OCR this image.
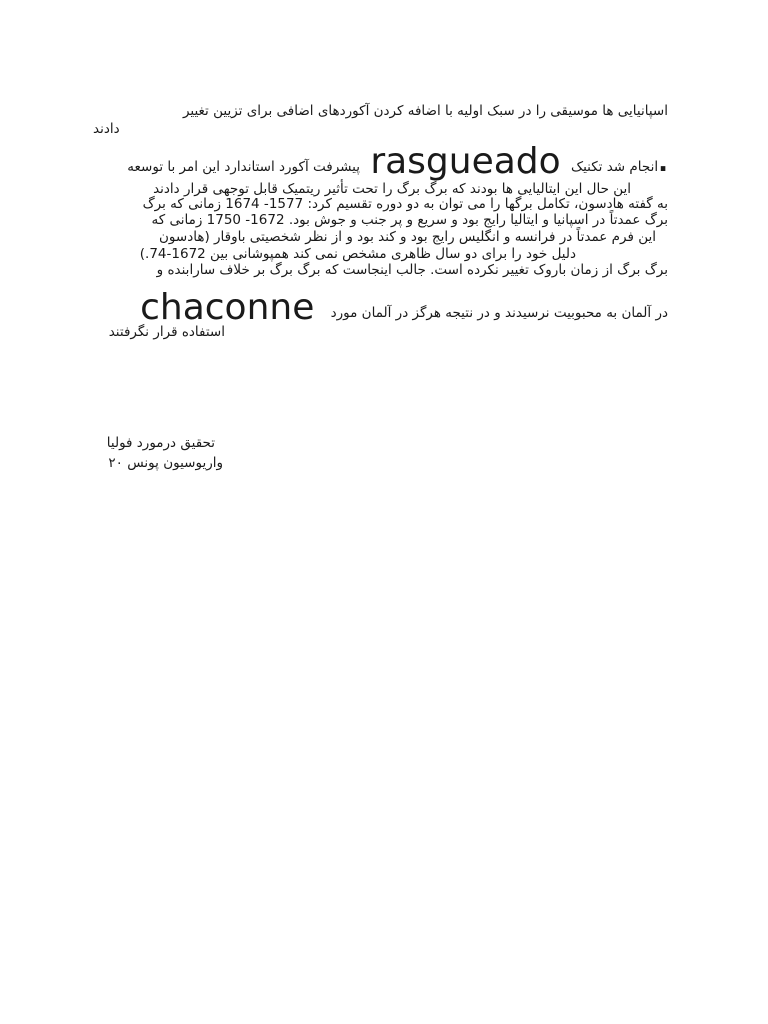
اسپانیایی ها موسیقی را در سبک اولیه با اضافه کردن آکوردهای اضافی برای تزیین تغییر
دادند
.انجام شد تکنیک rasgueado پیشرفت آکورد استاندارد این امر با توسعه
این حال این ایتالیایی ها بودند که برگ برگ را تحت تأثیر ریتمیک قابل توجهی قرار دادند
به گفته هادسون، تکامل برگها را می توان به دو دوره تقسیم کرد: 1577- 1674 زمانی که برگ
برگ عمدتاً در اسپانیا و ایتالیا رایج بود و سریع و پر جنب و جوش بود. 1672- 1750 زمانی که
این فرم عمدتاً در فرانسه و انگلیس رایج بود و کند بود و از نظر شخصیتی باوقار (هادسون
دلیل خود را برای دو سال ظاهری مشخص نمی کند همپوشانی بین 1672-74.)
برگ برگ از زمان باروک تغییر نکرده است. جالب اینجاست که برگ برگ بر خلاف سارابنده و
در آلمان به محبوبیت نرسیدند و در نتیجه هرگز در آلمان مورد chaconne
استفاده قرار نگرفتند
تحقیق درمورد فولیا
واریوسیون پونس ۲۰
